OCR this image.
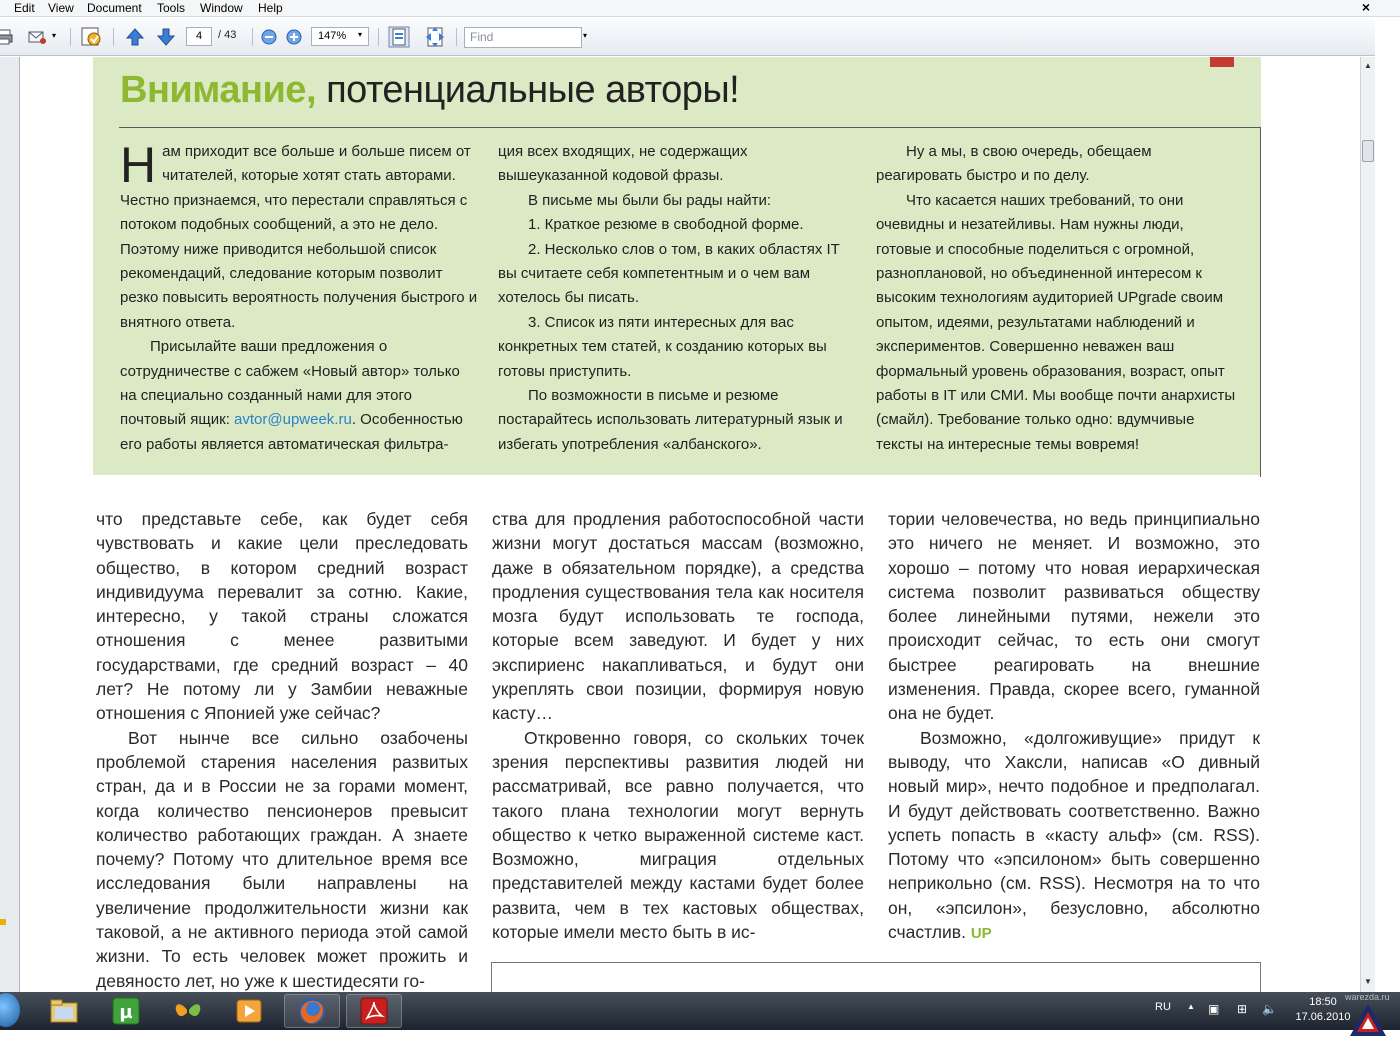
Edit View Document Tools Window Help	×
▾	4	/ 43	147%	▾	Find	▾
Внимание, потенциальные авторы!

Нам приходит все больше и больше писем от читателей, которые хотят стать авторами. Честно признаемся, что перестали справляться с потоком подобных сообщений, а это не дело. Поэтому ниже приводится небольшой список рекомендаций, следование которым позволит резко повысить вероятность получения быстрого и внятного ответа.

Присылайте ваши предложения о сотрудничестве с сабжем «Новый автор» только на специально созданный нами для этого почтовый ящик: avtor@upweek.ru. Особенностью его работы является автоматическая фильтра-

ция всех входящих, не содержащих вышеуказанной кодовой фразы.

В письме мы были бы рады найти:

1. Краткое резюме в свободной форме.

2. Несколько слов о том, в каких областях IT вы считаете себя компетентным и о чем вам хотелось бы писать.

3. Список из пяти интересных для вас конкретных тем статей, к созданию которых вы готовы приступить.

По возможности в письме и резюме постарайтесь использовать литературный язык и избегать употребления «албанского».

Ну а мы, в свою очередь, обещаем реагировать быстро и по делу.

Что касается наших требований, то они очевидны и незатейливы. Нам нужны люди, готовые и способные поделиться с огромной, разноплановой, но объединенной интересом к высоким технологиям аудиторией UPgrade своим опытом, идеями, результатами наблюдений и экспериментов. Совершенно неважен ваш формальный уровень образования, возраст, опыт работы в IT или СМИ. Мы вообще почти анархисты (смайл). Требование только одно: вдумчивые тексты на интересные темы вовремя!

что представьте себе, как будет себя чувствовать и какие цели преследовать общество, в котором средний возраст индивидуума перевалит за сотню. Какие, интересно, у такой страны сложатся отношения с менее развитыми государствами, где средний возраст – 40 лет? Не потому ли у Замбии неважные отношения с Японией уже сейчас?

Вот нынче все сильно озабочены проблемой старения населения развитых стран, да и в России не за горами момент, когда количество пенсионеров превысит количество работающих граждан. А знаете почему? Потому что длительное время все исследования были направлены на увеличение продолжительности жизни как таковой, а не активного периода этой самой жизни. То есть человек может прожить и девяносто лет, но уже к шестидесяти го-

ства для продления работоспособной части жизни могут достаться массам (возможно, даже в обязательном порядке), а средства продления существования тела как носителя мозга будут использовать те господа, которые всем заведуют. И будет у них экспириенс накапливаться, и будут они укреплять свои позиции, формируя новую касту…

Откровенно говоря, со скольких точек зрения перспективы развития людей ни рассматривай, все равно получается, что такого плана технологии могут вернуть общество к четко выраженной системе каст. Возможно, миграция отдельных представителей между кастами будет более развита, чем в тех кастовых обществах, которые имели место быть в ис-

тории человечества, но ведь принципиально это ничего не меняет. И возможно, это хорошо – потому что новая иерархическая система позволит развиваться обществу более линейными путями, нежели это происходит сейчас, то есть они смогут быстрее реагировать на внешние изменения. Правда, скорее всего, гуманной она не будет.

Возможно, «долгоживущие» придут к выводу, что Хаксли, написав «О дивный новый мир», нечто подобное и предполагал. И будут действовать соответственно. Важно успеть попасть в «касту альф» (см. RSS). Потому что «эпсилоном» быть совершенно неприкольно (см. RSS). Несмотря на то что он, «эпсилон», безусловно, абсолютно счастлив. UP

▲
▼
µ	RU ▲ ▣ ⊞ 🔈	18:50
17.06.2010
warezda.ru
